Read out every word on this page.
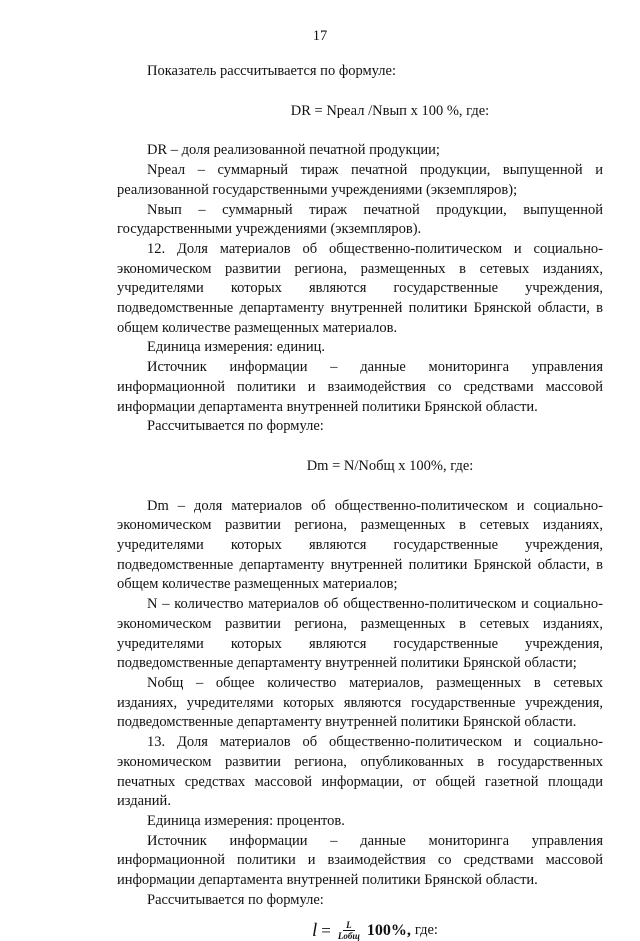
17

Показатель рассчитывается по формуле:

DR = Nреал /Nвып х 100 %, где:

DR – доля реализованной печатной продукции;

Nреал – суммарный тираж печатной продукции, выпущенной и реализованной государственными учреждениями (экземпляров);

Nвып – суммарный тираж печатной продукции, выпущенной государственными учреждениями (экземпляров).

12. Доля материалов об общественно-политическом и социально-экономическом развитии региона, размещенных в сетевых изданиях, учредителями которых являются государственные учреждения, подведомственные департаменту внутренней политики Брянской области, в общем количестве размещенных материалов.

Единица измерения: единиц.

Источник информации – данные мониторинга управления информационной политики и взаимодействия со средствами массовой информации департамента внутренней политики Брянской области.

Рассчитывается по формуле:

Dm = N/Nобщ х 100%, где:

Dm – доля материалов об общественно-политическом и социально-экономическом развитии региона, размещенных в сетевых изданиях, учредителями которых являются государственные учреждения, подведомственные департаменту внутренней политики Брянской области, в общем количестве размещенных материалов;

N – количество материалов об общественно-политическом и социально-экономическом развитии региона, размещенных в сетевых изданиях, учредителями которых являются государственные учреждения, подведомственные департаменту внутренней политики Брянской области;

Nобщ – общее количество материалов, размещенных в сетевых изданиях, учредителями которых являются государственные учреждения, подведомственные департаменту внутренней политики Брянской области.

13. Доля материалов об общественно-политическом и социально-экономическом развитии региона, опубликованных в государственных печатных средствах массовой информации, от общей газетной площади изданий.

Единица измерения: процентов.

Источник информации – данные мониторинга управления информационной политики и взаимодействия со средствами массовой информации департамента внутренней политики Брянской области.

Рассчитывается по формуле:

$l = \frac{L}{\text{Lобщ}} 100\%$, где:
